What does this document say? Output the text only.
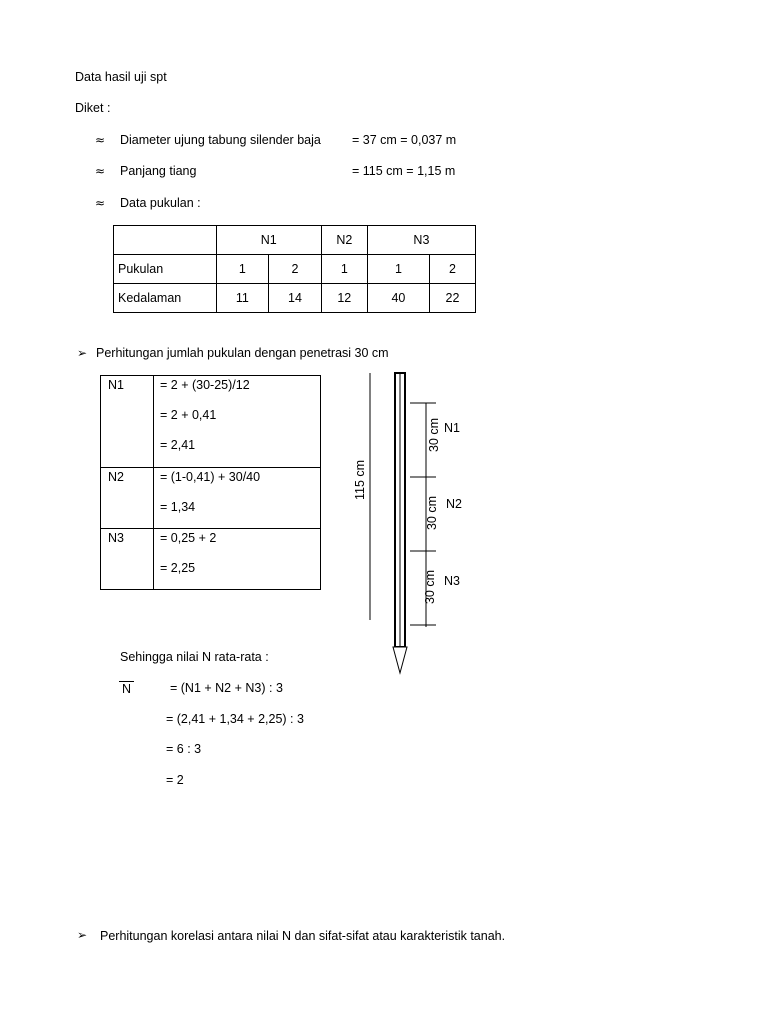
Data hasil uji spt
Diket :
≈ Diameter ujung tabung silender baja = 37 cm = 0,037 m
≈ Panjang tiang	= 115 cm = 1,15 m
≈ Data pukulan :
	N1		N2	N3	
Pukulan	1	2	1	1	2
Kedalaman	11	14	12	40	22
➢ Perhitungan jumlah pukulan dengan penetrasi 30 cm
N1	= 2 + (30-25)/12
= 2 + 0,41
= 2,41

N2	= (1-0,41) + 30/40
= 1,34

N3	= 0,25 + 2
= 2,25
115 cm
30 cm
30 cm
30 cm
N1
N2
N3
Sehingga nilai N rata-rata :
N	= (N1 + N2 + N3) : 3
= (2,41 + 1,34 + 2,25) : 3
= 6 : 3
= 2
➢ Perhitungan korelasi antara nilai N dan sifat-sifat atau karakteristik tanah.
